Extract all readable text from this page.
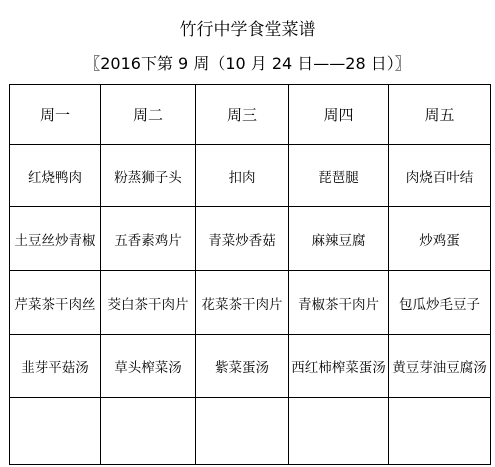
竹行中学食堂菜谱
〖2016下第 9 周（10 月 24 日——28 日）〗
周一	周二	周三	周四	周五
红烧鸭肉	粉蒸狮子头	扣肉	琵琶腿	肉烧百叶结
土豆丝炒青椒	五香素鸡片	青菜炒香菇	麻辣豆腐	炒鸡蛋
芹菜茶干肉丝	茭白茶干肉片	花菜茶干肉片	青椒茶干肉片	包瓜炒毛豆子
韭芽平菇汤	草头榨菜汤	紫菜蛋汤	西红柿榨菜蛋汤	黄豆芽油豆腐汤
